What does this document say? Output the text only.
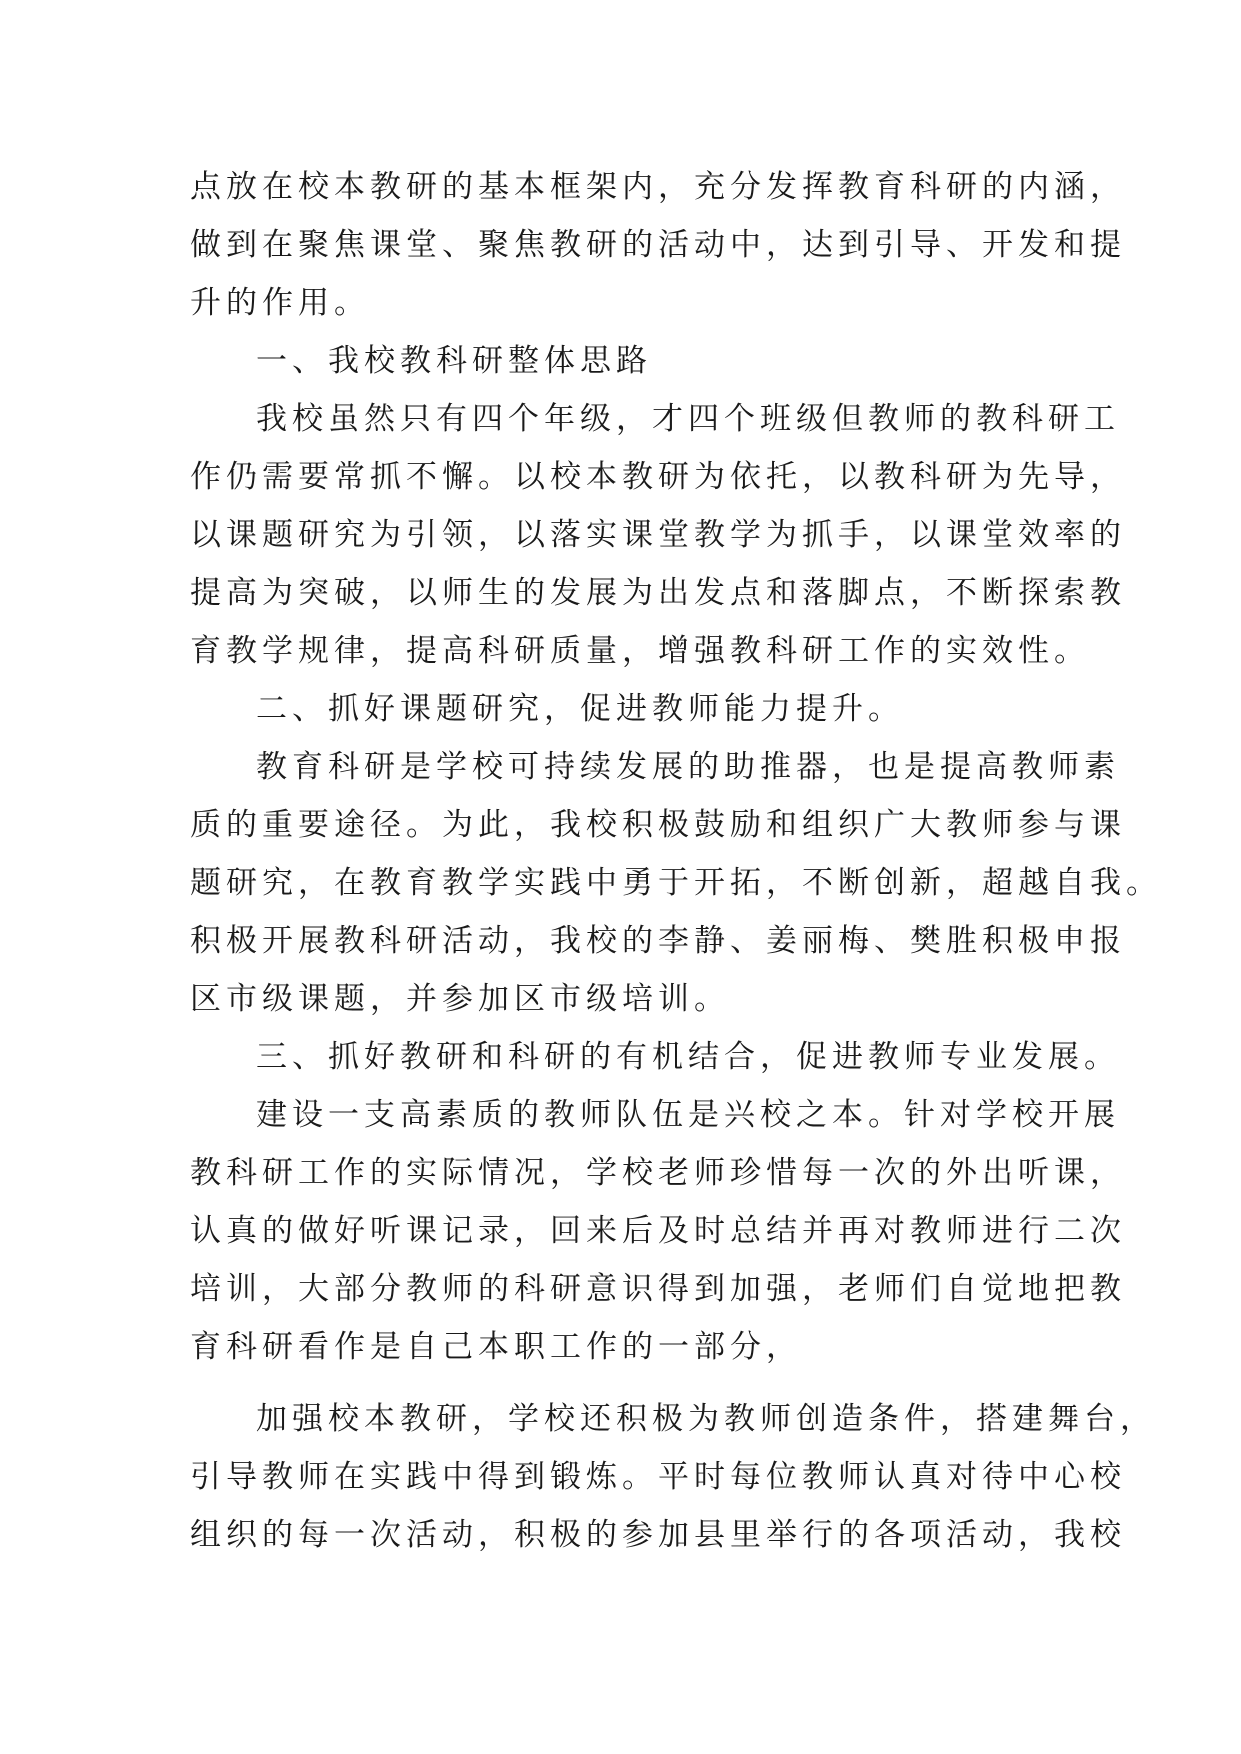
点放在校本教研的基本框架内，充分发挥教育科研的内涵，
做到在聚焦课堂、聚焦教研的活动中，达到引导、开发和提
升的作用。
一、我校教科研整体思路
我校虽然只有四个年级，才四个班级但教师的教科研工
作仍需要常抓不懈。以校本教研为依托，以教科研为先导，
以课题研究为引领，以落实课堂教学为抓手，以课堂效率的
提高为突破，以师生的发展为出发点和落脚点，不断探索教
育教学规律，提高科研质量，增强教科研工作的实效性。
二、抓好课题研究，促进教师能力提升。
教育科研是学校可持续发展的助推器，也是提高教师素
质的重要途径。为此，我校积极鼓励和组织广大教师参与课
题研究，在教育教学实践中勇于开拓，不断创新，超越自我。
积极开展教科研活动，我校的李静、姜丽梅、樊胜积极申报
区市级课题，并参加区市级培训。
三、抓好教研和科研的有机结合，促进教师专业发展。
建设一支高素质的教师队伍是兴校之本。针对学校开展
教科研工作的实际情况，学校老师珍惜每一次的外出听课，
认真的做好听课记录，回来后及时总结并再对教师进行二次
培训，大部分教师的科研意识得到加强，老师们自觉地把教
育科研看作是自己本职工作的一部分，
加强校本教研，学校还积极为教师创造条件，搭建舞台，
引导教师在实践中得到锻炼。平时每位教师认真对待中心校
组织的每一次活动，积极的参加县里举行的各项活动，我校
